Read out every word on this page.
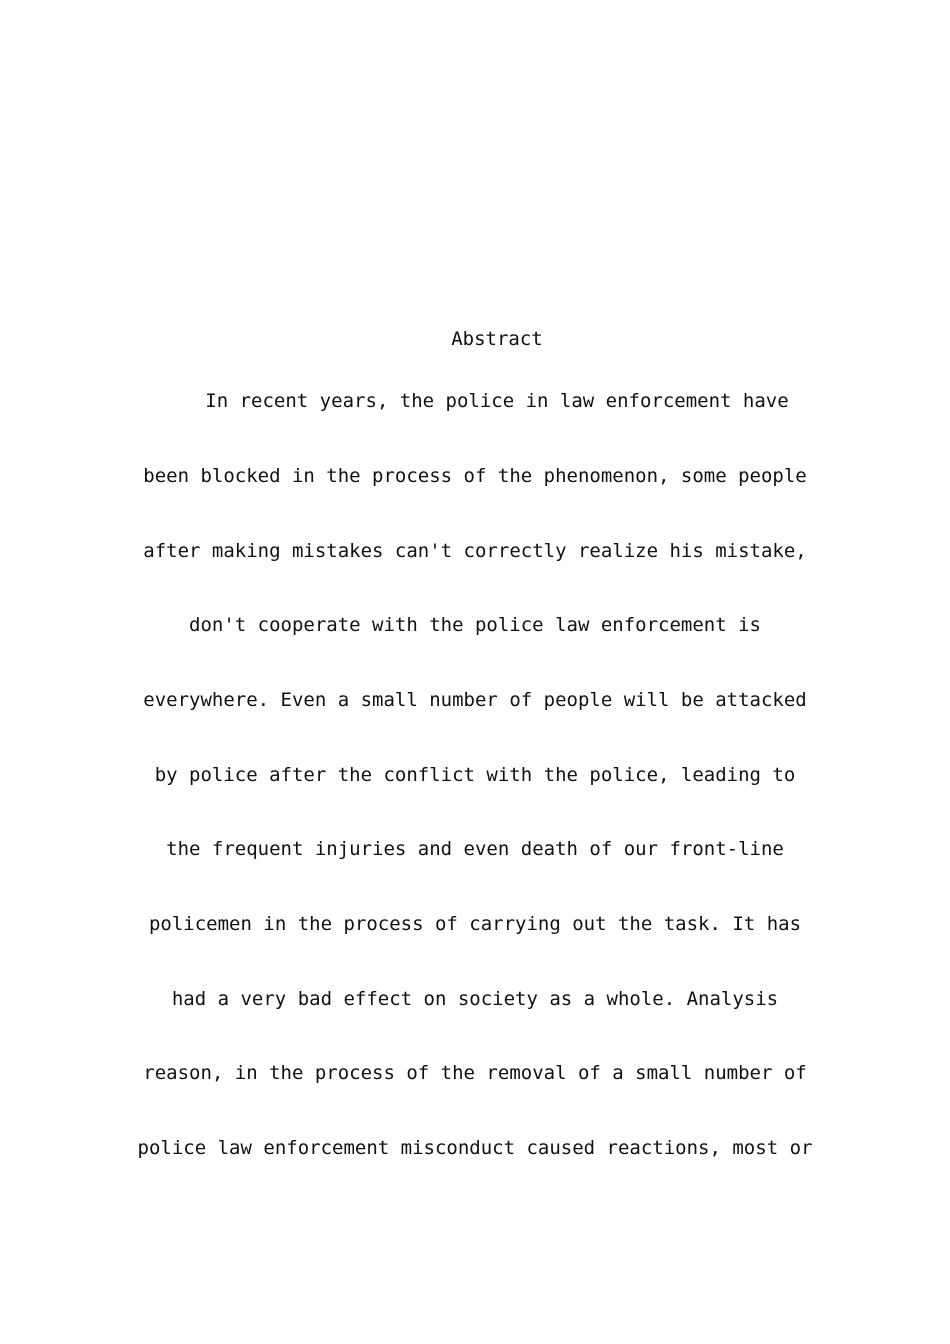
Abstract
In recent years, the police in law enforcement have
been blocked in the process of the phenomenon, some people
after making mistakes can't correctly realize his mistake,
don't cooperate with the police law enforcement is
everywhere. Even a small number of people will be attacked
by police after the conflict with the police, leading to
the frequent injuries and even death of our front-line
policemen in the process of carrying out the task. It has
had a very bad effect on society as a whole. Analysis
reason, in the process of the removal of a small number of
police law enforcement misconduct caused reactions, most or
